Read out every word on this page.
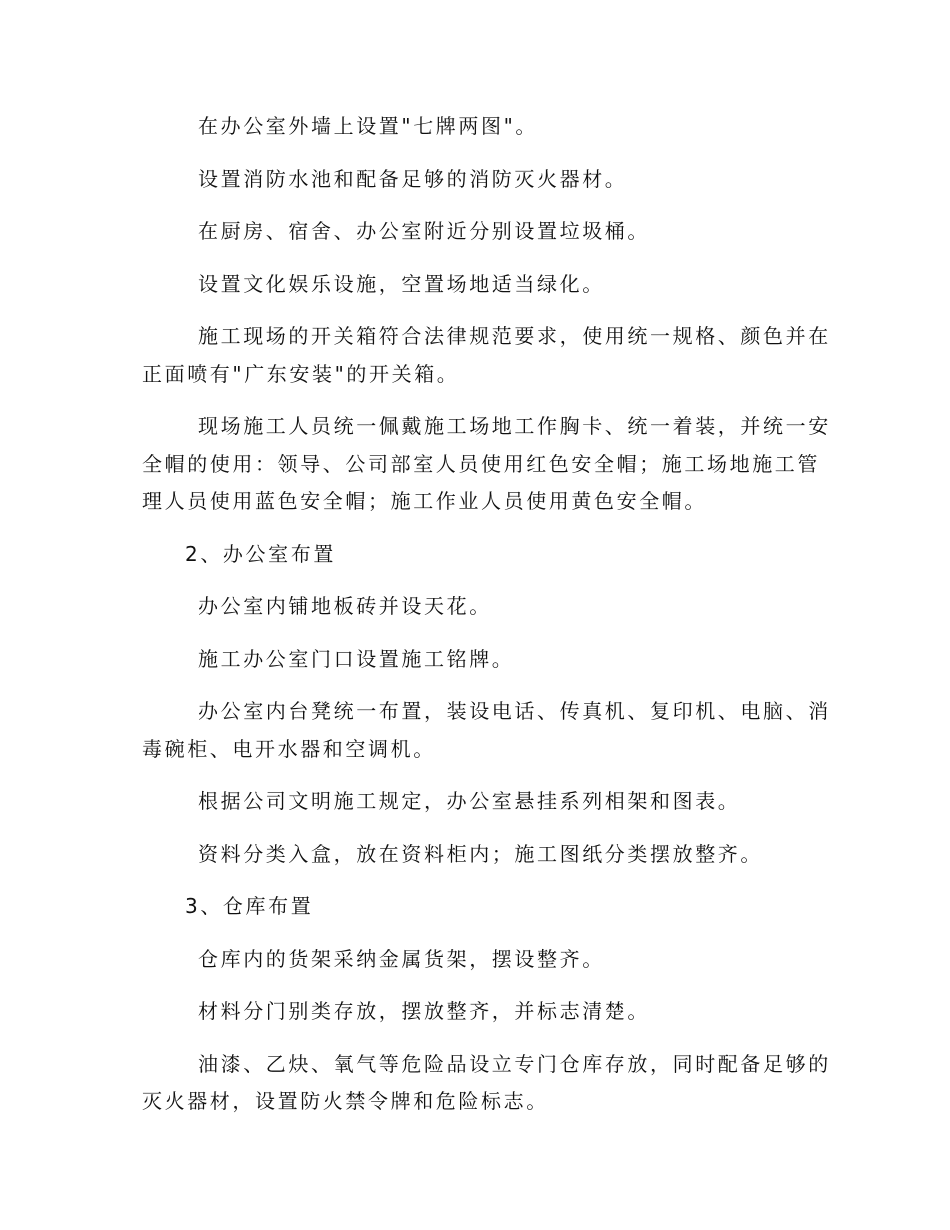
在办公室外墙上设置"七牌两图"。
设置消防水池和配备足够的消防灭火器材。
在厨房、宿舍、办公室附近分别设置垃圾桶。
设置文化娱乐设施，空置场地适当绿化。
施工现场的开关箱符合法律规范要求，使用统一规格、颜色并在
正面喷有"广东安装"的开关箱。
现场施工人员统一佩戴施工场地工作胸卡、统一着装，并统一安
全帽的使用：领导、公司部室人员使用红色安全帽；施工场地施工管
理人员使用蓝色安全帽；施工作业人员使用黄色安全帽。
2、办公室布置
办公室内铺地板砖并设天花。
施工办公室门口设置施工铭牌。
办公室内台凳统一布置，装设电话、传真机、复印机、电脑、消
毒碗柜、电开水器和空调机。
根据公司文明施工规定，办公室悬挂系列相架和图表。
资料分类入盒，放在资料柜内；施工图纸分类摆放整齐。
3、仓库布置
仓库内的货架采纳金属货架，摆设整齐。
材料分门别类存放，摆放整齐，并标志清楚。
油漆、乙炔、氧气等危险品设立专门仓库存放，同时配备足够的
灭火器材，设置防火禁令牌和危险标志。
